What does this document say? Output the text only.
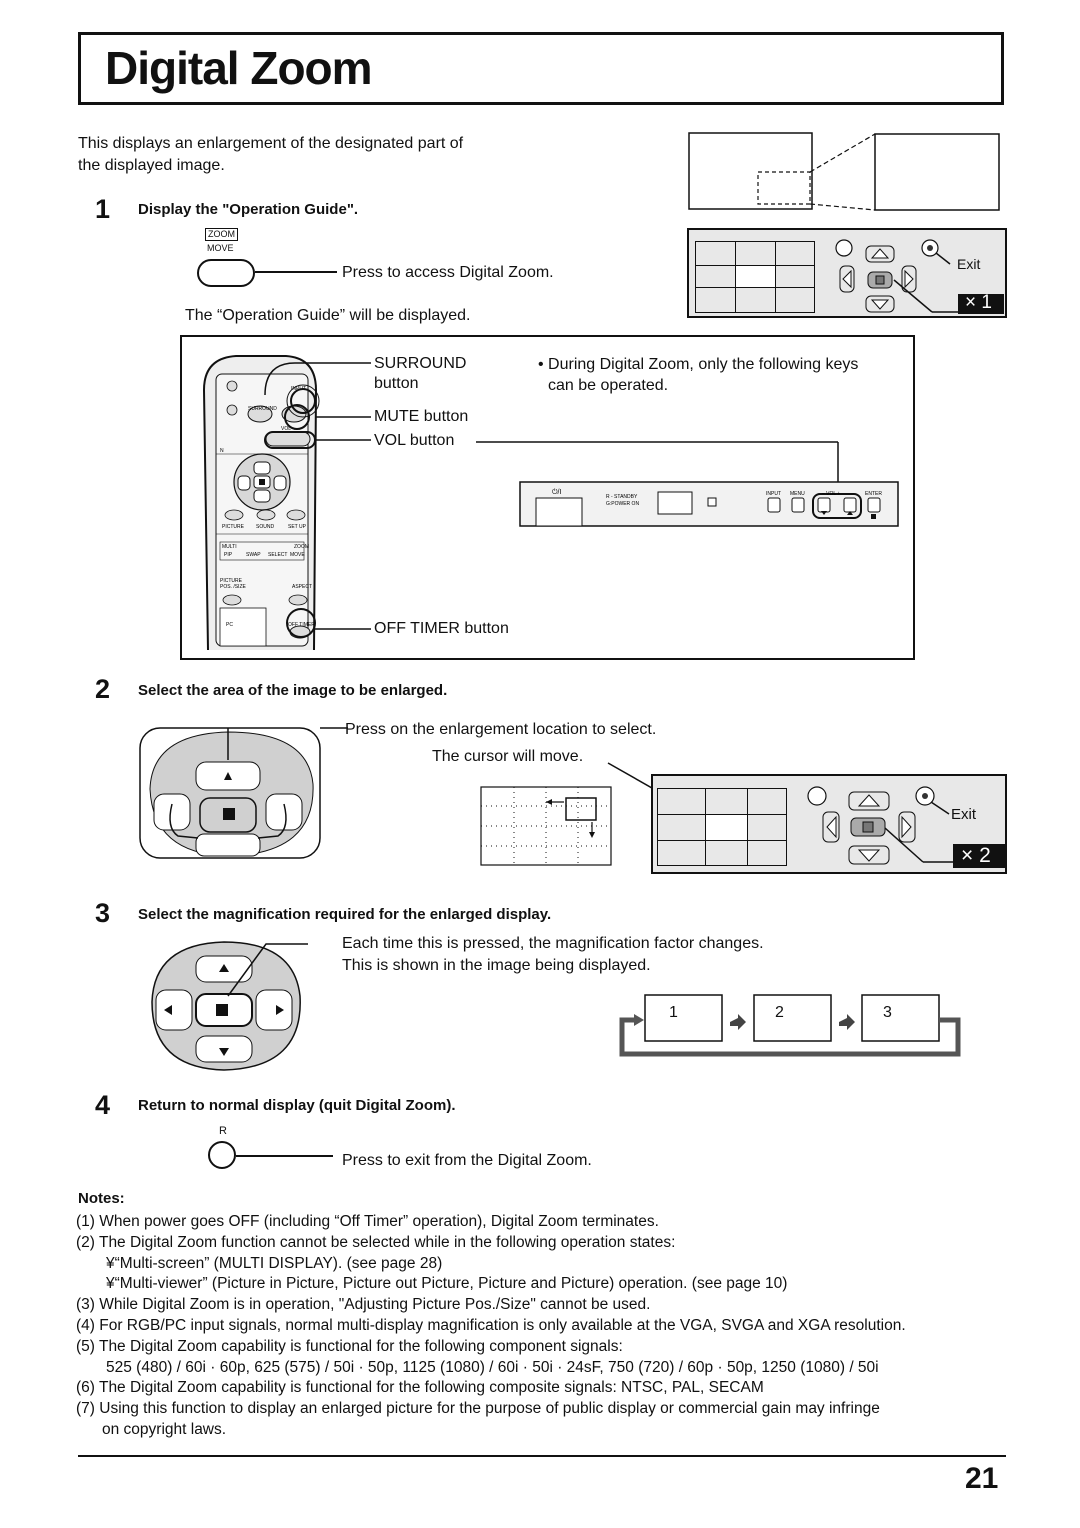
Digital Zoom
This displays an enlargement of the designated part of
the displayed image.
Exit
× 1
1 Display the "Operation Guide".
ZOOM
MOVE
Press to access Digital Zoom.
The “Operation Guide” will be displayed.
INPUT
SURROUND
VOL
N
PICTURE SOUND	SET UP
MULTI	ZOOM
PIP	SWAP SELECT MOVE
PICTURE
POS. /SIZE	ASPECT
PC	OFF TIMER
SURROUND
button
MUTE button
VOL button
OFF TIMER button
• During Digital Zoom, only the following keys
can be operated.
⏻/I
R - STANDBY
G:POWER ON
INPUT MENU	– VOL +	ENTER
2 Select the area of the image to be enlarged.
Press on the enlargement location to select.
The cursor will move.
Exit
× 2
3 Select the magnification required for the enlarged display.
Each time this is pressed, the magnification factor changes.
This is shown in the image being displayed.
1	2	3
4 Return to normal display (quit Digital Zoom).
R
Press to exit from the Digital Zoom.
Notes:

(1) When power goes OFF (including “Off Timer” operation), Digital Zoom terminates.

(2) The Digital Zoom function cannot be selected while in the following operation states:

¥“Multi-screen” (MULTI DISPLAY). (see page 28)

¥“Multi-viewer” (Picture in Picture, Picture out Picture, Picture and Picture) operation. (see page 10)

(3) While Digital Zoom is in operation, "Adjusting Picture Pos./Size" cannot be used.

(4) For RGB/PC input signals, normal multi-display magnification is only available at the VGA, SVGA and XGA resolution.

(5) The Digital Zoom capability is functional for the following component signals:

525 (480) / 60i · 60p, 625 (575) / 50i · 50p, 1125 (1080) / 60i · 50i · 24sF, 750 (720) / 60p · 50p, 1250 (1080) / 50i

(6) The Digital Zoom capability is functional for the following composite signals: NTSC, PAL, SECAM

(7) Using this function to display an enlarged picture for the purpose of public display or commercial gain may infringe

on copyright laws.

21
